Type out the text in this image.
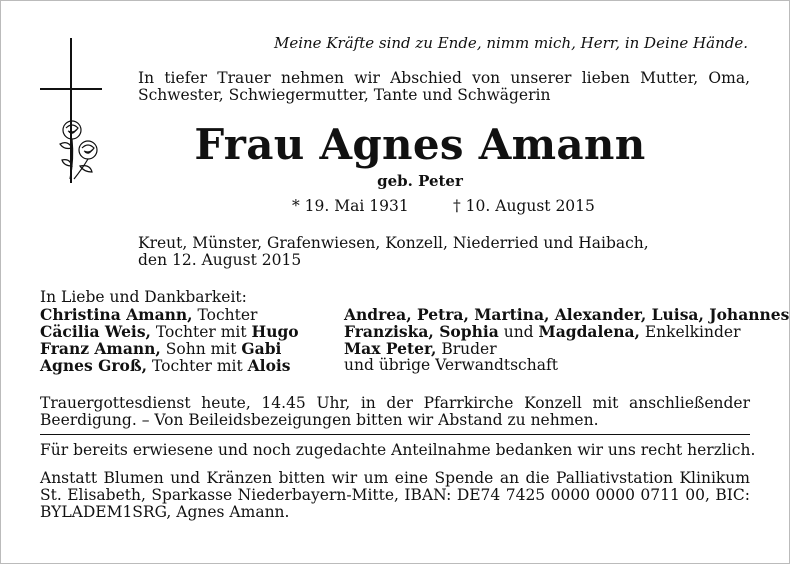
Meine Kräfte sind zu Ende, nimm mich, Herr, in Deine Hände.

In tiefer Trauer nehmen wir Abschied von unserer lieben Mutter, Oma, Schwester, Schwiegermutter, Tante und Schwägerin

Frau Agnes Amann
geb. Peter
* 19. Mai 1931	† 10. August 2015

Kreut, Münster, Grafenwiesen, Konzell, Niederried und Haibach,

den 12. August 2015

In Liebe und Dankbarkeit:

Christina Amann, Tochter

Cäcilia Weis, Tochter mit Hugo

Franz Amann, Sohn mit Gabi

Agnes Groß, Tochter mit Alois

Andrea, Petra, Martina, Alexander, Luisa, Johannes

Franziska, Sophia und Magdalena, Enkelkinder

Max Peter, Bruder

und übrige Verwandtschaft

Trauergottesdienst heute, 14.45 Uhr, in der Pfarrkirche Konzell mit anschließender Beerdigung. – Von Beileidsbezeigungen bitten wir Abstand zu nehmen.

Für bereits erwiesene und noch zugedachte Anteilnahme bedanken wir uns recht herzlich.

Anstatt Blumen und Kränzen bitten wir um eine Spende an die Palliativstation Klinikum St. Elisabeth, Sparkasse Niederbayern-Mitte, IBAN: DE74 7425 0000 0000 0711 00, BIC: BYLADEM1SRG, Agnes Amann.
